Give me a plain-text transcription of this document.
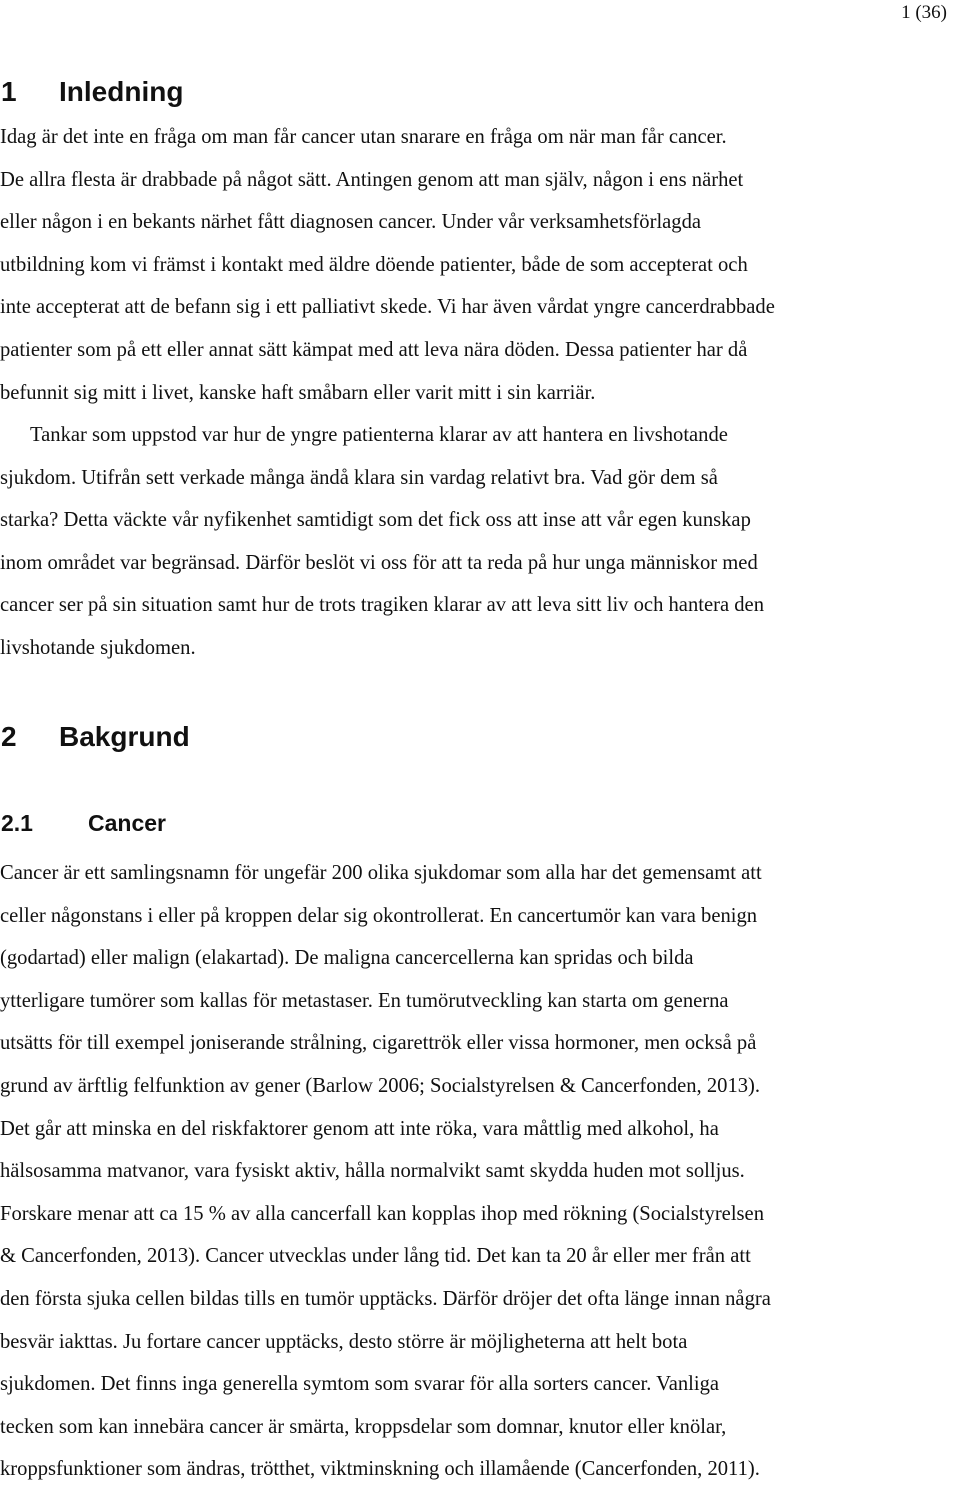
1 (36)
1 Inledning
Idag är det inte en fråga om man får cancer utan snarare en fråga om när man får cancer.
De allra flesta är drabbade på något sätt. Antingen genom att man själv, någon i ens närhet
eller någon i en bekants närhet fått diagnosen cancer. Under vår verksamhetsförlagda
utbildning kom vi främst i kontakt med äldre döende patienter, både de som accepterat och
inte accepterat att de befann sig i ett palliativt skede. Vi har även vårdat yngre cancerdrabbade
patienter som på ett eller annat sätt kämpat med att leva nära döden. Dessa patienter har då
befunnit sig mitt i livet, kanske haft småbarn eller varit mitt i sin karriär.
Tankar som uppstod var hur de yngre patienterna klarar av att hantera en livshotande
sjukdom. Utifrån sett verkade många ändå klara sin vardag relativt bra. Vad gör dem så
starka? Detta väckte vår nyfikenhet samtidigt som det fick oss att inse att vår egen kunskap
inom området var begränsad. Därför beslöt vi oss för att ta reda på hur unga människor med
cancer ser på sin situation samt hur de trots tragiken klarar av att leva sitt liv och hantera den
livshotande sjukdomen.
2 Bakgrund
2.1 Cancer
Cancer är ett samlingsnamn för ungefär 200 olika sjukdomar som alla har det gemensamt att
celler någonstans i eller på kroppen delar sig okontrollerat. En cancertumör kan vara benign
(godartad) eller malign (elakartad). De maligna cancercellerna kan spridas och bilda
ytterligare tumörer som kallas för metastaser. En tumörutveckling kan starta om generna
utsätts för till exempel joniserande strålning, cigarettrök eller vissa hormoner, men också på
grund av ärftlig felfunktion av gener (Barlow 2006; Socialstyrelsen & Cancerfonden, 2013).
Det går att minska en del riskfaktorer genom att inte röka, vara måttlig med alkohol, ha
hälsosamma matvanor, vara fysiskt aktiv, hålla normalvikt samt skydda huden mot solljus.
Forskare menar att ca 15 % av alla cancerfall kan kopplas ihop med rökning (Socialstyrelsen
& Cancerfonden, 2013). Cancer utvecklas under lång tid. Det kan ta 20 år eller mer från att
den första sjuka cellen bildas tills en tumör upptäcks. Därför dröjer det ofta länge innan några
besvär iakttas. Ju fortare cancer upptäcks, desto större är möjligheterna att helt bota
sjukdomen. Det finns inga generella symtom som svarar för alla sorters cancer. Vanliga
tecken som kan innebära cancer är smärta, kroppsdelar som domnar, knutor eller knölar,
kroppsfunktioner som ändras, trötthet, viktminskning och illamående (Cancerfonden, 2011).
